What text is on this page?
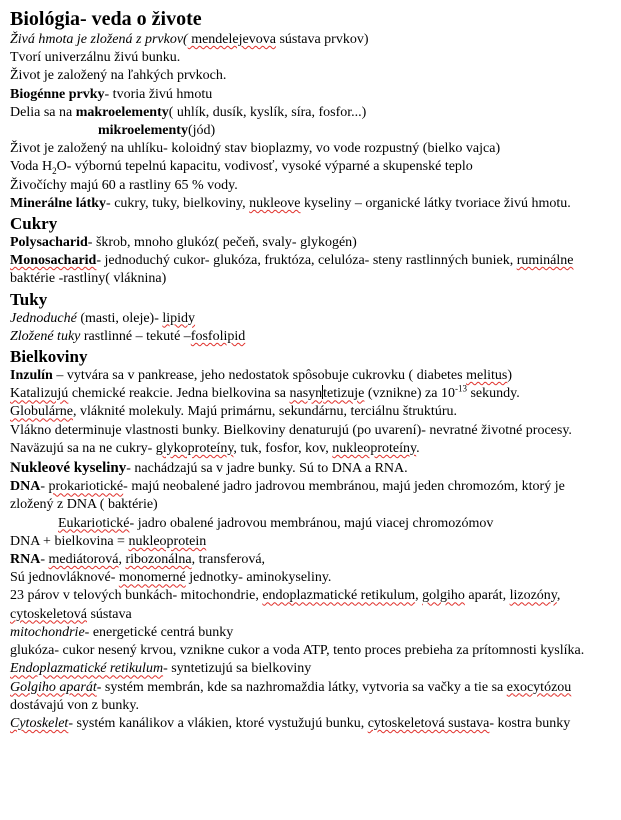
Biológia- veda o živote

Živá hmota je zložená z prvkov( mendelejevova sústava prvkov)

Tvorí univerzálnu živú bunku.

Život je založený na ľahkých prvkoch.

Biogénne prvky- tvoria živú hmotu

Delia sa na makroelementy( uhlík, dusík, kyslík, síra, fosfor...)

mikroelementy(jód)

Život je založený na uhlíku- koloidný stav bioplazmy, vo vode rozpustný (bielko vajca)

Voda $H_2O-$ výbornú tepelnú kapacitu, vodivosť, vysoké výparné a skupenské teplo

Živočíchy majú 60 a rastliny 65 % vody.

Minerálne látky- cukry, tuky, bielkoviny, nukleove kyseliny – organické látky tvoriace živú hmotu.

Cukry

Polysacharid- škrob, mnoho glukóz( pečeň, svaly- glykogén)

Monosacharid- jednoduchý cukor- glukóza, fruktóza, celulóza- steny rastlinných buniek, ruminálne baktérie -rastliny( vláknina)

Tuky

Jednoduché (masti, oleje)- lipidy

Zložené tuky rastlinné – tekuté –fosfolipid

Bielkoviny

Inzulín – vytvára sa v pankrease, jeho nedostatok spôsobuje cukrovku ( diabetes melitus)

Katalizujú chemické reakcie. Jedna bielkovina sa nasyntetizuje (vznikne) za $10^{-13}$ sekundy.

Globulárne, vláknité molekuly. Majú primárnu, sekundárnu, terciálnu štruktúru.

Vlákno determinuje vlastnosti bunky. Bielkoviny denaturujú (po uvarení)- nevratné životné procesy.

Naväzujú sa na ne cukry- glykoproteíny, tuk, fosfor, kov, nukleoproteíny.

Nukleové kyseliny- nachádzajú sa v jadre bunky. Sú to DNA a RNA.

DNA- prokariotické- majú neobalené jadro jadrovou membránou, majú jeden chromozóm, ktorý je zložený z DNA ( baktérie)

Eukariotické- jadro obalené jadrovou membránou, majú viacej chromozómov

DNA + bielkovina = nukleoprotein

RNA- mediátorová, ribozonálna, transferová,

Sú jednovláknové- monomerné jednotky- aminokyseliny.

23 párov v telových bunkách- mitochondrie, endoplazmatické retikulum, golgiho aparát, lizozóny, cytoskeletová sústava

mitochondrie- energetické centrá bunky

glukóza- cukor nesený krvou, vznikne cukor a voda ATP, tento proces prebieha za prítomnosti kyslíka.

Endoplazmatické retikulum- syntetizujú sa bielkoviny

Golgiho aparát- systém membrán, kde sa nazhromaždia látky, vytvoria sa vačky a tie sa exocytózou dostávajú von z bunky.

Cytoskelet- systém kanálikov a vlákien, ktoré vystužujú bunku, cytoskeletová sustava- kostra bunky
